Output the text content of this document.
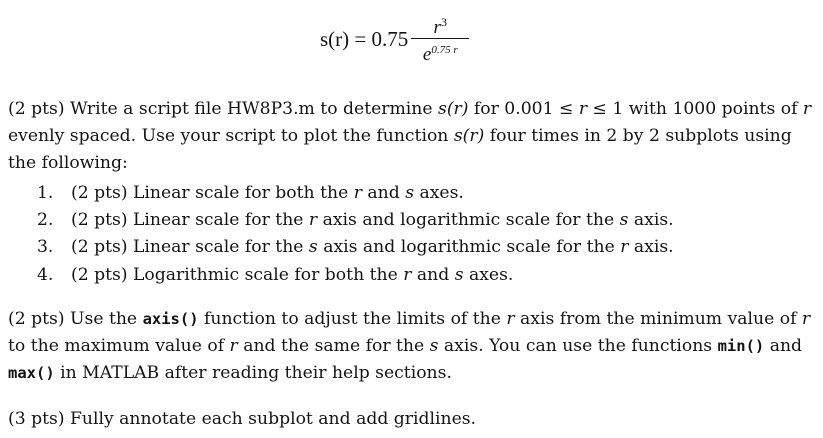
$s(r) = 0.75 \frac{r^3}{e^{0.75 r}}$

(2 pts) Write a script file HW8P3.m to determine s(r) for 0.001 ≤ r ≤ 1 with 1000 points of r evenly spaced. Use your script to plot the function s(r) four times in 2 by 2 subplots using the following:

1. (2 pts) Linear scale for both the r and s axes.
2. (2 pts) Linear scale for the r axis and logarithmic scale for the s axis.
3. (2 pts) Linear scale for the s axis and logarithmic scale for the r axis.
4. (2 pts) Logarithmic scale for both the r and s axes.

(2 pts) Use the axis() function to adjust the limits of the r axis from the minimum value of r to the maximum value of r and the same for the s axis. You can use the functions min() and max() in MATLAB after reading their help sections.

(3 pts) Fully annotate each subplot and add gridlines.
